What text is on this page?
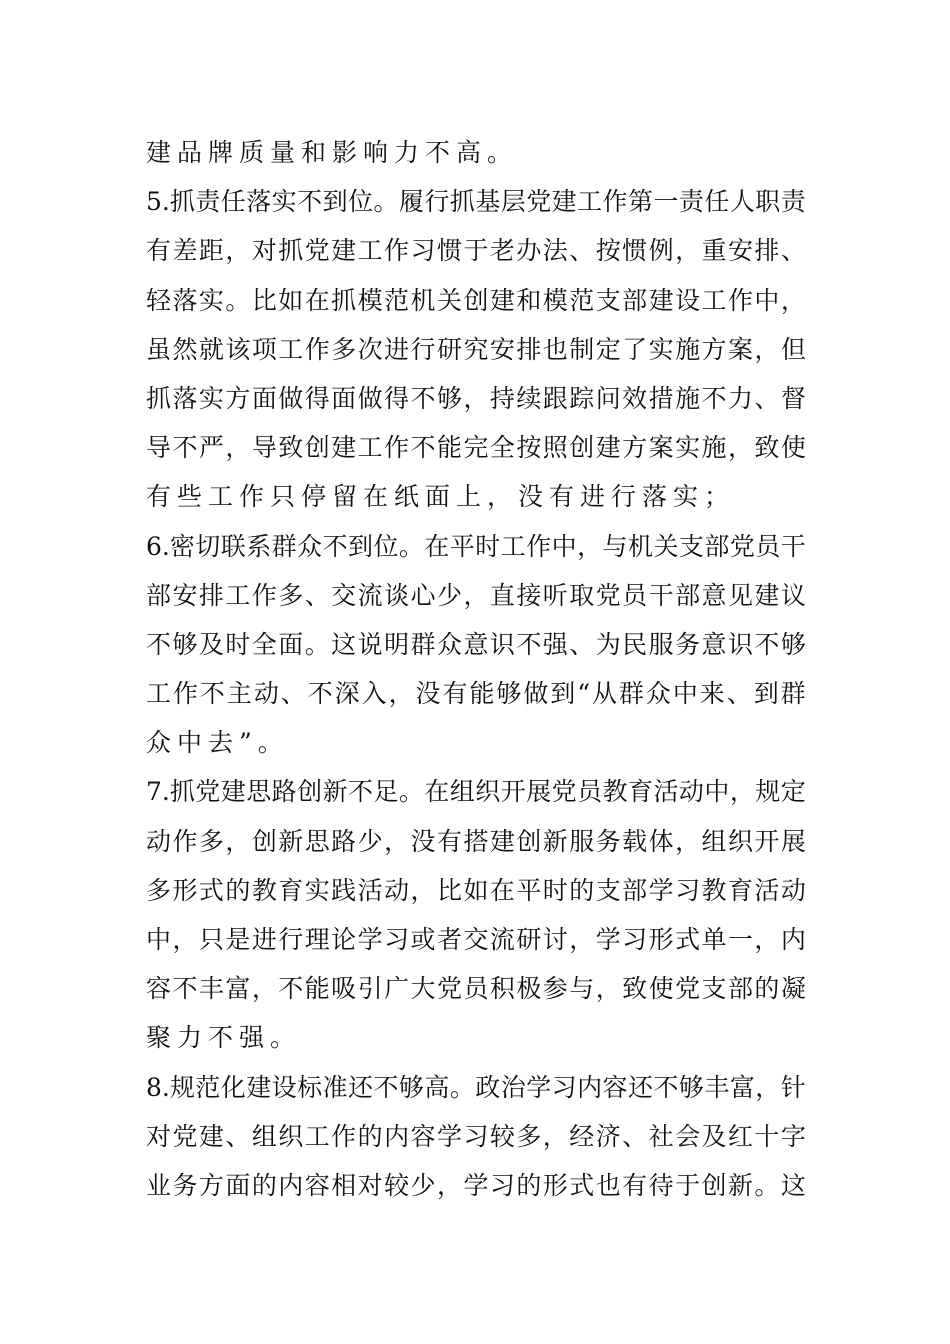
建品牌质量和影响力不高。
5.抓 责 任 落 实 不 到 位 。 履 行 抓 基 层 党 建 工 作 第 一 责 任 人 职 责
有 差 距 ， 对 抓 党 建 工 作 习 惯 于 老 办 法 、 按 惯 例 ， 重 安 排 、
轻 落 实 。 比 如 在 抓 模 范 机 关 创 建 和 模 范 支 部 建 设 工 作 中 ，
虽 然 就 该 项 工 作 多 次 进 行 研 究 安 排 也 制 定 了 实 施 方 案 ， 但
抓 落 实 方 面 做 得 面 做 得 不 够 ， 持 续 跟 踪 问 效 措 施 不 力 、 督
导 不 严 ， 导 致 创 建 工 作 不 能 完 全 按 照 创 建 方 案 实 施 ， 致 使
有些工作只停留在纸面上，没有进行落实；
6.密 切 联 系 群 众 不 到 位 。 在 平 时 工 作 中 ， 与 机 关 支 部 党 员 干
部 安 排 工 作 多 、 交 流 谈 心 少 ， 直 接 听 取 党 员 干 部 意 见 建 议
不 够 及 时 全 面 。 这 说 明 群 众 意 识 不 强 、 为 民 服 务 意 识 不 够
工 作 不 主 动 、 不 深 入 ， 没 有 能 够 做 到 “ 从 群 众 中 来 、 到 群
众中去”。
7.抓 党 建 思 路 创 新 不 足 。 在 组 织 开 展 党 员 教 育 活 动 中 ， 规 定
动 作 多 ， 创 新 思 路 少 ， 没 有 搭 建 创 新 服 务 载 体 ， 组 织 开 展
多 形 式 的 教 育 实 践 活 动 ， 比 如 在 平 时 的 支 部 学 习 教 育 活 动
中 ， 只 是 进 行 理 论 学 习 或 者 交 流 研 讨 ， 学 习 形 式 单 一 ， 内
容 不 丰 富 ， 不 能 吸 引 广 大 党 员 积 极 参 与 ， 致 使 党 支 部 的 凝
聚力不强。
8.规 范 化 建 设 标 准 还 不 够 高 。 政 治 学 习 内 容 还 不 够 丰 富 ， 针
对 党 建 、 组 织 工 作 的 内 容 学 习 较 多 ， 经 济 、 社 会 及 红 十 字
业 务 方 面 的 内 容 相 对 较 少 ， 学 习 的 形 式 也 有 待 于 创 新 。 这
